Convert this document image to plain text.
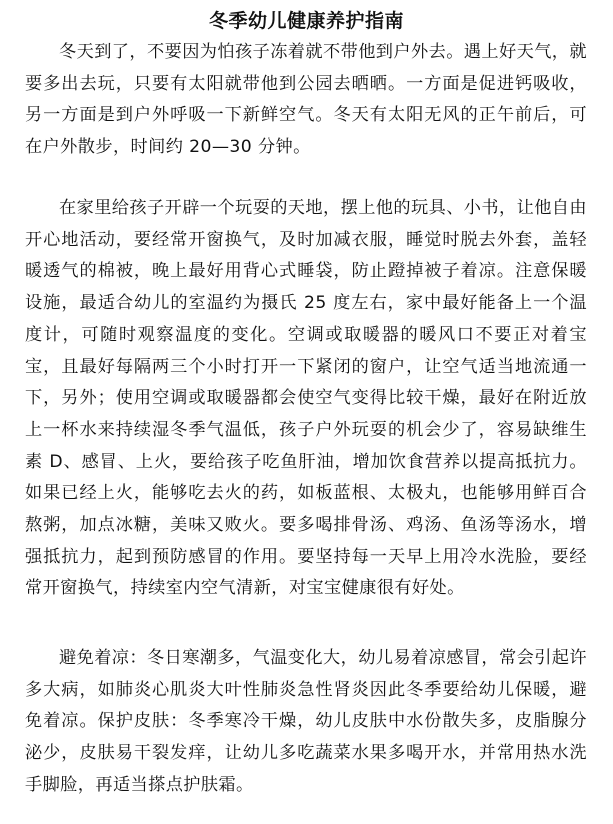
冬季幼儿健康养护指南

冬天到了，不要因为怕孩子冻着就不带他到户外去。遇上好天气，就要多出去玩，只要有太阳就带他到公园去晒晒。一方面是促进钙吸收，另一方面是到户外呼吸一下新鲜空气。冬天有太阳无风的正午前后，可在户外散步，时间约 20—30 分钟。

在家里给孩子开辟一个玩耍的天地，摆上他的玩具、小书，让他自由开心地活动，要经常开窗换气，及时加减衣服，睡觉时脱去外套，盖轻暖透气的棉被，晚上最好用背心式睡袋，防止蹬掉被子着凉。注意保暖设施，最适合幼儿的室温约为摄氏 25 度左右，家中最好能备上一个温度计，可随时观察温度的变化。空调或取暖器的暖风口不要正对着宝宝，且最好每隔两三个小时打开一下紧闭的窗户，让空气适当地流通一下，另外；使用空调或取暖器都会使空气变得比较干燥，最好在附近放上一杯水来持续湿冬季气温低，孩子户外玩耍的机会少了，容易缺维生素 D、感冒、上火，要给孩子吃鱼肝油，增加饮食营养以提高抵抗力。如果已经上火，能够吃去火的药，如板蓝根、太极丸，也能够用鲜百合熬粥，加点冰糖，美味又败火。要多喝排骨汤、鸡汤、鱼汤等汤水，增强抵抗力，起到预防感冒的作用。要坚持每一天早上用冷水洗脸，要经常开窗换气，持续室内空气清新，对宝宝健康很有好处。

避免着凉：冬日寒潮多，气温变化大，幼儿易着凉感冒，常会引起许多大病，如肺炎心肌炎大叶性肺炎急性肾炎因此冬季要给幼儿保暖，避免着凉。保护皮肤：冬季寒冷干燥，幼儿皮肤中水份散失多，皮脂腺分泌少，皮肤易干裂发痒，让幼儿多吃蔬菜水果多喝开水，并常用热水洗手脚脸，再适当搽点护肤霜。
